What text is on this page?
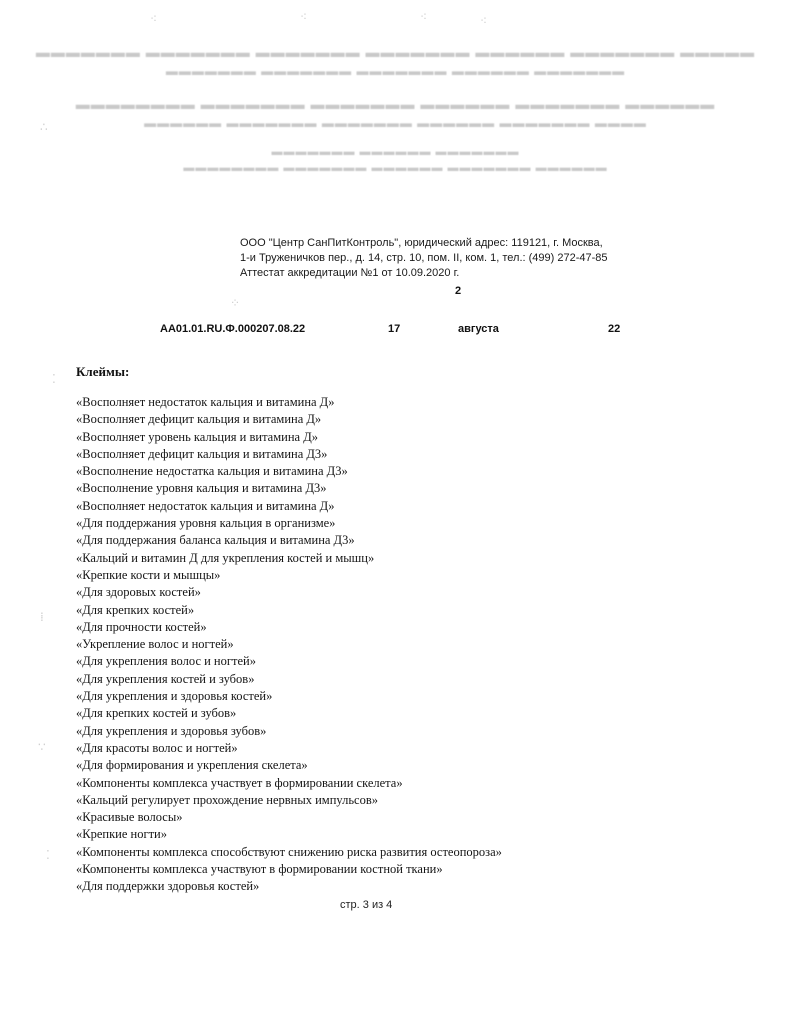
▬▬▬▬▬▬▬ ▬▬▬▬▬▬▬ ▬▬▬▬▬▬▬ ▬▬▬▬▬▬▬ ▬▬▬▬▬▬ ▬▬▬▬▬▬▬ ▬▬▬▬▬
▬▬▬▬▬▬▬ ▬▬▬▬▬▬▬ ▬▬▬▬▬▬▬ ▬▬▬▬▬▬ ▬▬▬▬▬▬▬
▬▬▬▬▬▬▬▬ ▬▬▬▬▬▬▬ ▬▬▬▬▬▬▬ ▬▬▬▬▬▬ ▬▬▬▬▬▬▬ ▬▬▬▬▬▬
▬▬▬▬▬▬ ▬▬▬▬▬▬▬ ▬▬▬▬▬▬▬ ▬▬▬▬▬▬ ▬▬▬▬▬▬▬ ▬▬▬▬
▬▬▬▬▬▬▬ ▬▬▬▬▬▬ ▬▬▬▬▬▬▬
▬▬▬▬▬▬▬▬ ▬▬▬▬▬▬▬ ▬▬▬▬▬▬ ▬▬▬▬▬▬▬ ▬▬▬▬▬▬
∴
⁚
⁞
∵
⁚
⁖	⁖	⁖	⁖
⁘
ООО "Центр СанПитКонтроль", юридический адрес: 119121, г. Москва,
1-и Труженичков пер., д. 14, стр. 10, пом. II, ком. 1, тел.: (499) 272-47-85
Аттестат аккредитации №1 от 10.09.2020 г.
2
АА01.01.RU.Ф.000207.08.22	17	августа	22
Клеймы:
«Восполняет недостаток кальция и витамина Д»
«Восполняет дефицит кальция и витамина Д»
«Восполняет уровень кальция и витамина Д»
«Восполняет дефицит кальция и витамина Д3»
«Восполнение недостатка кальция и витамина Д3»
«Восполнение уровня кальция и витамина Д3»
«Восполняет недостаток кальция и витамина Д»
«Для поддержания уровня кальция в организме»
«Для поддержания баланса кальция и витамина Д3»
«Кальций и витамин Д для укрепления костей и мышц»
«Крепкие кости и мышцы»
«Для здоровых костей»
«Для крепких костей»
«Для прочности костей»
«Укрепление волос и ногтей»
«Для укрепления волос и ногтей»
«Для укрепления костей и зубов»
«Для укрепления и здоровья костей»
«Для крепких костей и зубов»
«Для укрепления и здоровья зубов»
«Для красоты волос и ногтей»
«Для формирования и укрепления скелета»
«Компоненты комплекса участвует в формировании скелета»
«Кальций регулирует прохождение нервных импульсов»
«Красивые волосы»
«Крепкие ногти»
«Компоненты комплекса способствуют снижению риска развития остеопороза»
«Компоненты комплекса участвуют в формировании костной ткани»
«Для поддержки здоровья костей»
стр. 3 из 4
